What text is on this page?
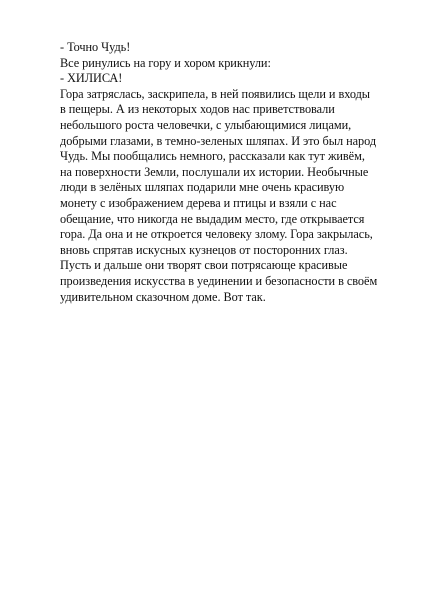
- Точно Чудь!
Все ринулись на гору и хором крикнули:
- ХИЛИСА!
Гора затряслась, заскрипела, в ней появились щели и входы
в пещеры. А из некоторых ходов нас приветствовали
небольшого роста человечки, с улыбающимися лицами,
добрыми глазами, в темно-зеленых шляпах. И это был народ
Чудь. Мы пообщались немного, рассказали как тут живём,
на поверхности Земли, послушали их истории. Необычные
люди в зелёных шляпах подарили мне очень красивую
монету с изображением дерева и птицы и взяли с нас
обещание, что никогда не выдадим место, где открывается
гора. Да она и не откроется человеку злому. Гора закрылась,
вновь спрятав искусных кузнецов от посторонних глаз.
Пусть и дальше они творят свои потрясающе красивые
произведения искусства в уединении и безопасности в своём
удивительном сказочном доме. Вот так.
